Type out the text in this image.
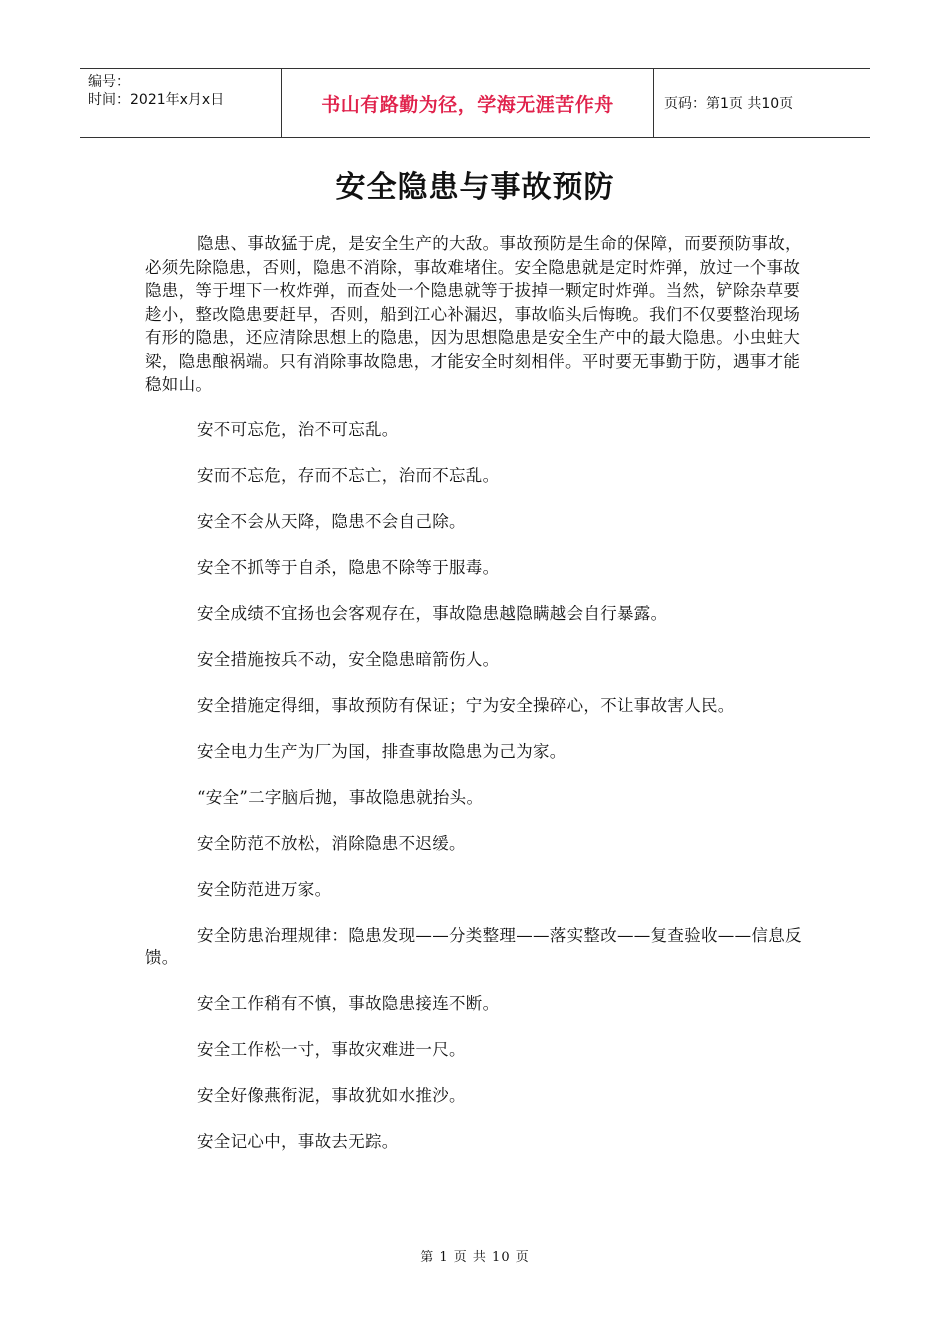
编号：
时间：2021年x月x日	书山有路勤为径，学海无涯苦作舟	页码：第1页 共10页
安全隐患与事故预防

隐患、事故猛于虎，是安全生产的大敌。事故预防是生命的保障，而要预防事故，必须先除隐患，否则，隐患不消除，事故难堵住。安全隐患就是定时炸弹，放过一个事故隐患，等于埋下一枚炸弹，而查处一个隐患就等于拔掉一颗定时炸弹。当然，铲除杂草要趁小，整改隐患要赶早，否则，船到江心补漏迟，事故临头后悔晚。我们不仅要整治现场有形的隐患，还应清除思想上的隐患，因为思想隐患是安全生产中的最大隐患。小虫蛀大梁，隐患酿祸端。只有消除事故隐患，才能安全时刻相伴。平时要无事勤于防，遇事才能稳如山。

安不可忘危，治不可忘乱。
安而不忘危，存而不忘亡，治而不忘乱。
安全不会从天降，隐患不会自己除。
安全不抓等于自杀，隐患不除等于服毒。
安全成绩不宜扬也会客观存在，事故隐患越隐瞒越会自行暴露。
安全措施按兵不动，安全隐患暗箭伤人。
安全措施定得细，事故预防有保证；宁为安全操碎心，不让事故害人民。
安全电力生产为厂为国，排查事故隐患为己为家。
“安全”二字脑后抛，事故隐患就抬头。
安全防范不放松，消除隐患不迟缓。
安全防范进万家。
安全防患治理规律：隐患发现——分类整理——落实整改——复查验收——信息反馈。
安全工作稍有不慎，事故隐患接连不断。
安全工作松一寸，事故灾难进一尺。
安全好像燕衔泥，事故犹如水推沙。
安全记心中，事故去无踪。
第 1 页 共 10 页
